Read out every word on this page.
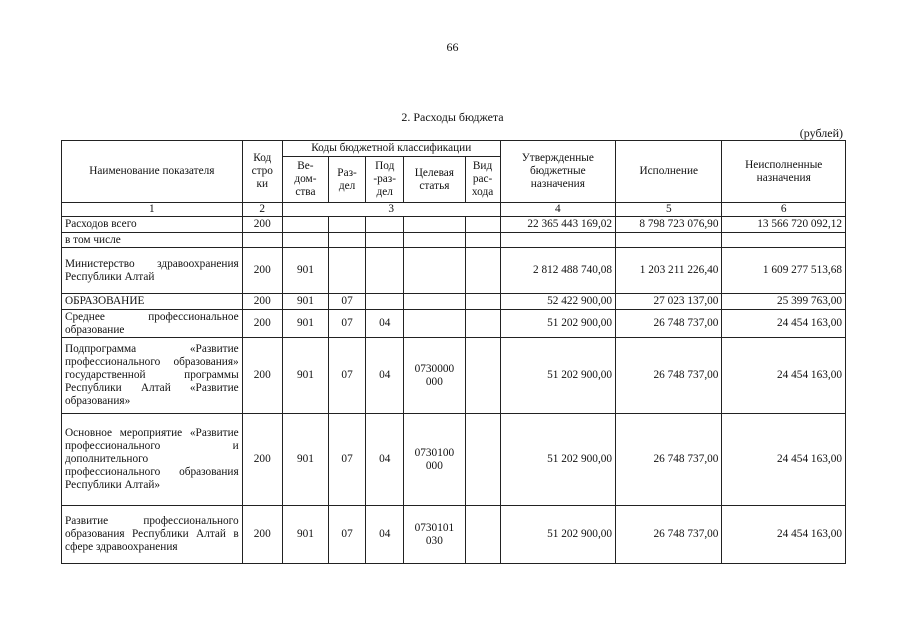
66
2. Расходы бюджета
(рублей)
Наименование показателя	Код стро ки	Коды бюджетной классификации					Утвержденные бюджетные назначения	Исполнение	Неисполненные назначения
		Ве- дом- ства	Раз- дел	Под -раз- дел	Целевая статья	Вид рас- хода			
1	2	3					4	5	6
Расходов всего	200						22 365 443 169,02	8 798 723 076,90	13 566 720 092,12
в том числе									
Министерство здравоохранения Республики Алтай	200	901					2 812 488 740,08	1 203 211 226,40	1 609 277 513,68
ОБРАЗОВАНИЕ	200	901	07				52 422 900,00	27 023 137,00	25 399 763,00
Среднее профессиональное образование	200	901	07	04			51 202 900,00	26 748 737,00	24 454 163,00
Подпрограмма «Развитие профессионального образования» государственной программы Республики Алтай «Развитие образования»	200	901	07	04	0730000 000		51 202 900,00	26 748 737,00	24 454 163,00
Основное мероприятие «Развитие профессионального и дополнительного профессионального образования Республики Алтай»	200	901	07	04	0730100 000		51 202 900,00	26 748 737,00	24 454 163,00
Развитие профессионального образования Республики Алтай в сфере здравоохранения	200	901	07	04	0730101 030		51 202 900,00	26 748 737,00	24 454 163,00
